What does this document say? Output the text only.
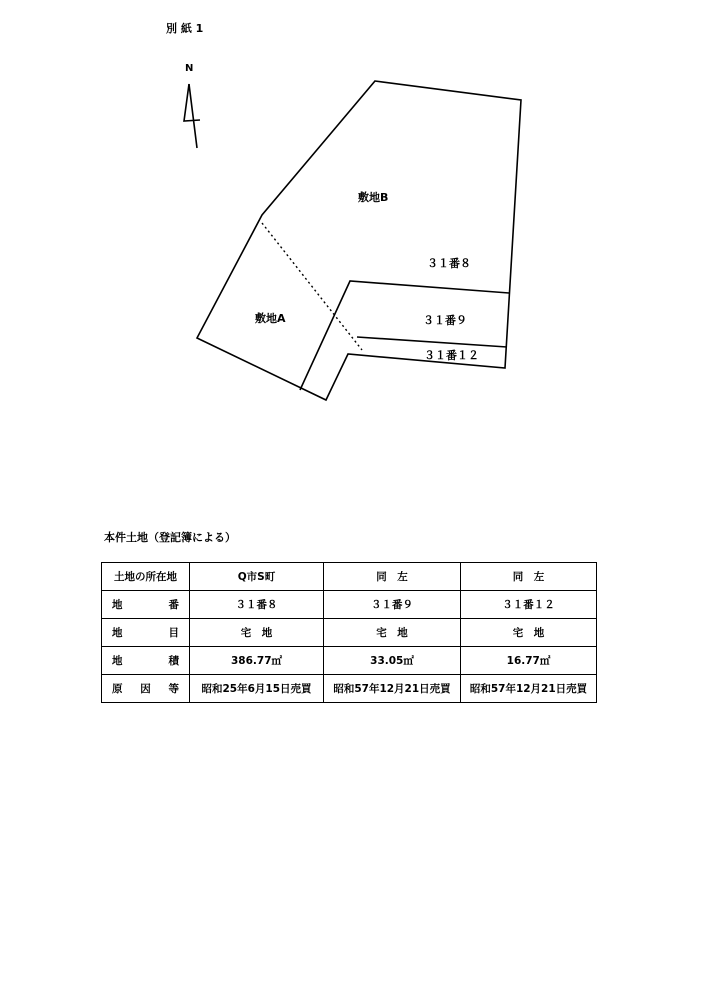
別 紙 1
N
敷地B
敷地A
３１番８
３１番９
３１番１２
本件土地（登記簿による）
土地の所在地	Q市S町	同　左	同　左

地 番	３１番８	３１番９	３１番１２

地 目	宅　地	宅　地	宅　地

地 積	386.77㎡	33.05㎡	16.77㎡

原 因 等	昭和25年6月15日売買	昭和57年12月21日売買	昭和57年12月21日売買
